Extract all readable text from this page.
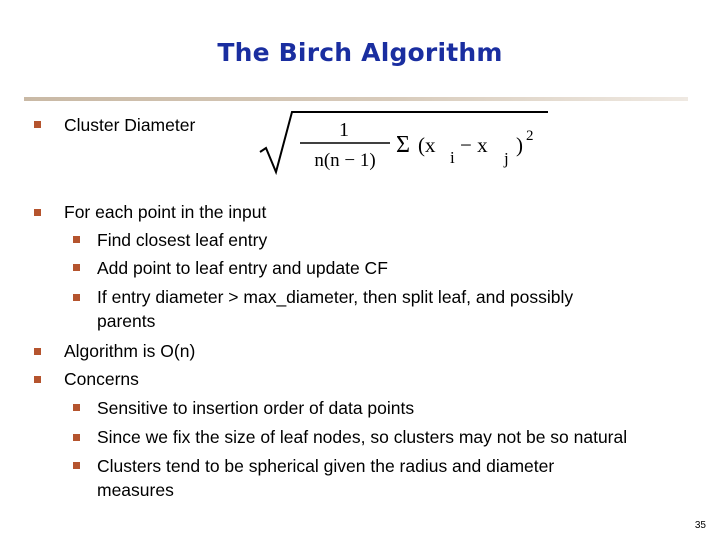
The Birch Algorithm
Cluster Diameter	1
n(n − 1)
Σ (x
i
− x
j
) 2
For each point in the input
Find closest leaf entry
Add point to leaf entry and update CF
If entry diameter > max_diameter, then split leaf, and possibly
parents
Algorithm is O(n)
Concerns
Sensitive to insertion order of data points
Since we fix the size of leaf nodes, so clusters may not be so natural
Clusters tend to be spherical given the radius and diameter
measures
35
